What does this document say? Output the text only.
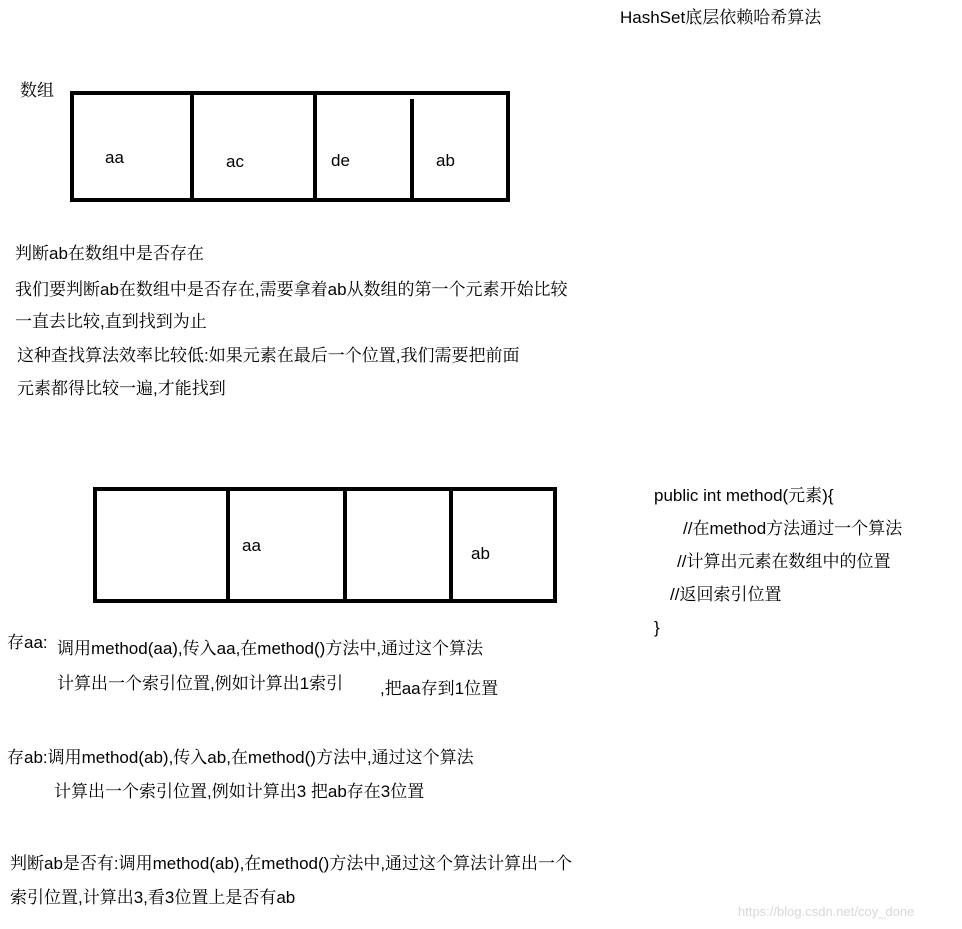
HashSet底层依赖哈希算法
数组
aa	ac	de	ab
判断ab在数组中是否存在
我们要判断ab在数组中是否存在,需要拿着ab从数组的第一个元素开始比较
一直去比较,直到找到为止
这种查找算法效率比较低:如果元素在最后一个位置,我们需要把前面
元素都得比较一遍,才能找到
aa	ab
public int method(元素){
//在method方法通过一个算法
//计算出元素在数组中的位置
//返回索引位置
}
存aa: 调用method(aa),传入aa,在method()方法中,通过这个算法
计算出一个索引位置,例如计算出1索引 ,把aa存到1位置
存ab:调用method(ab),传入ab,在method()方法中,通过这个算法
计算出一个索引位置,例如计算出3 把ab存在3位置
判断ab是否有:调用method(ab),在method()方法中,通过这个算法计算出一个
索引位置,计算出3,看3位置上是否有ab
https://blog.csdn.net/coy_done
